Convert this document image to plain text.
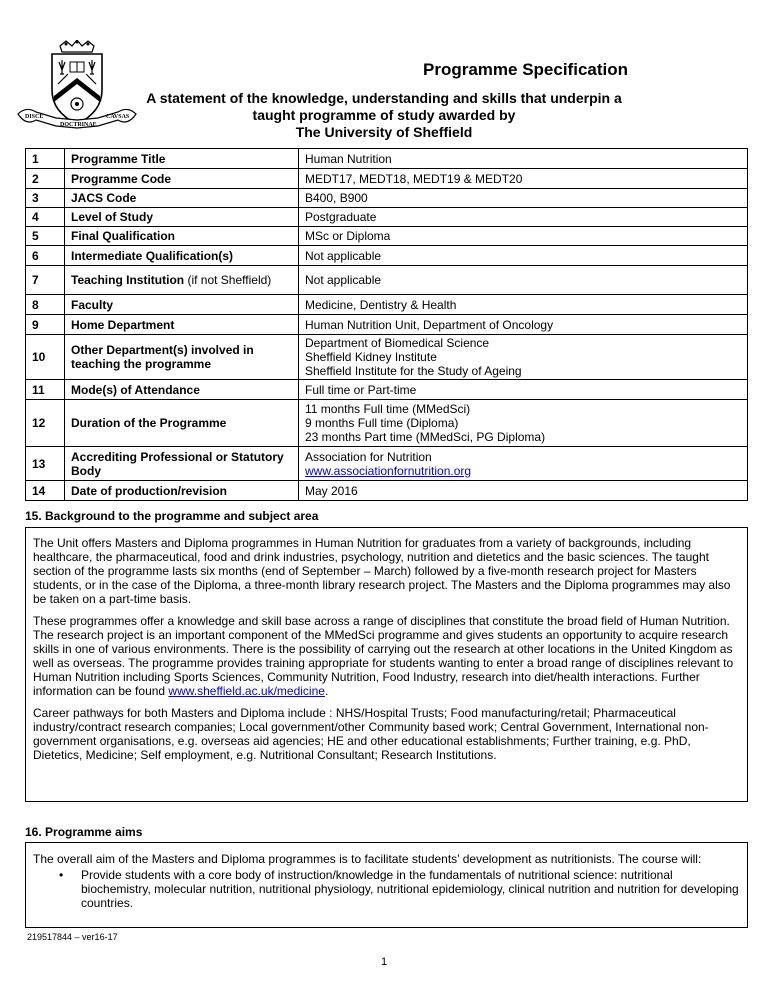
DISCE
DOCTRINAE
CAVSAS
Programme Specification
A statement of the knowledge, understanding and skills that underpin a
taught programme of study awarded by
The University of Sheffield
1	Programme Title	Human Nutrition

2	Programme Code	MEDT17, MEDT18, MEDT19 & MEDT20

3	JACS Code	B400, B900

4	Level of Study	Postgraduate

5	Final Qualification	MSc or Diploma

6	Intermediate Qualification(s)	Not applicable

7	Teaching Institution (if not Sheffield)	Not applicable

8	Faculty	Medicine, Dentistry & Health

9	Home Department	Human Nutrition Unit, Department of Oncology

10	Other Department(s) involved in teaching the programme	Department of Biomedical Science
Sheffield Kidney Institute
Sheffield Institute for the Study of Ageing

11	Mode(s) of Attendance	Full time or Part-time

12	Duration of the Programme	11 months Full time (MMedSci)
9 months Full time (Diploma)
23 months Part time (MMedSci, PG Diploma)

13	Accrediting Professional or Statutory Body	Association for Nutrition
www.associationfornutrition.org

14	Date of production/revision	May 2016
15. Background to the programme and subject area

The Unit offers Masters and Diploma programmes in Human Nutrition for graduates from a variety of backgrounds, including healthcare, the pharmaceutical, food and drink industries, psychology, nutrition and dietetics and the basic sciences. The taught section of the programme lasts six months (end of September – March) followed by a five-month research project for Masters students, or in the case of the Diploma, a three-month library research project. The Masters and the Diploma programmes may also be taken on a part-time basis.

These programmes offer a knowledge and skill base across a range of disciplines that constitute the broad field of Human Nutrition. The research project is an important component of the MMedSci programme and gives students an opportunity to acquire research skills in one of various environments. There is the possibility of carrying out the research at other locations in the United Kingdom as well as overseas. The programme provides training appropriate for students wanting to enter a broad range of disciplines relevant to Human Nutrition including Sports Sciences, Community Nutrition, Food Industry, research into diet/health interactions. Further information can be found www.sheffield.ac.uk/medicine.

Career pathways for both Masters and Diploma include : NHS/Hospital Trusts; Food manufacturing/retail; Pharmaceutical industry/contract research companies; Local government/other Community based work; Central Government, International non-government organisations, e.g. overseas aid agencies; HE and other educational establishments; Further training, e.g. PhD, Dietetics, Medicine; Self employment, e.g. Nutritional Consultant; Research Institutions.

16. Programme aims
The overall aim of the Masters and Diploma programmes is to facilitate students’ development as nutritionists. The course will:
• Provide students with a core body of instruction/knowledge in the fundamentals of nutritional science: nutritional biochemistry, molecular nutrition, nutritional physiology, nutritional epidemiology, clinical nutrition and nutrition for developing countries.
219517844 – ver16-17
1
